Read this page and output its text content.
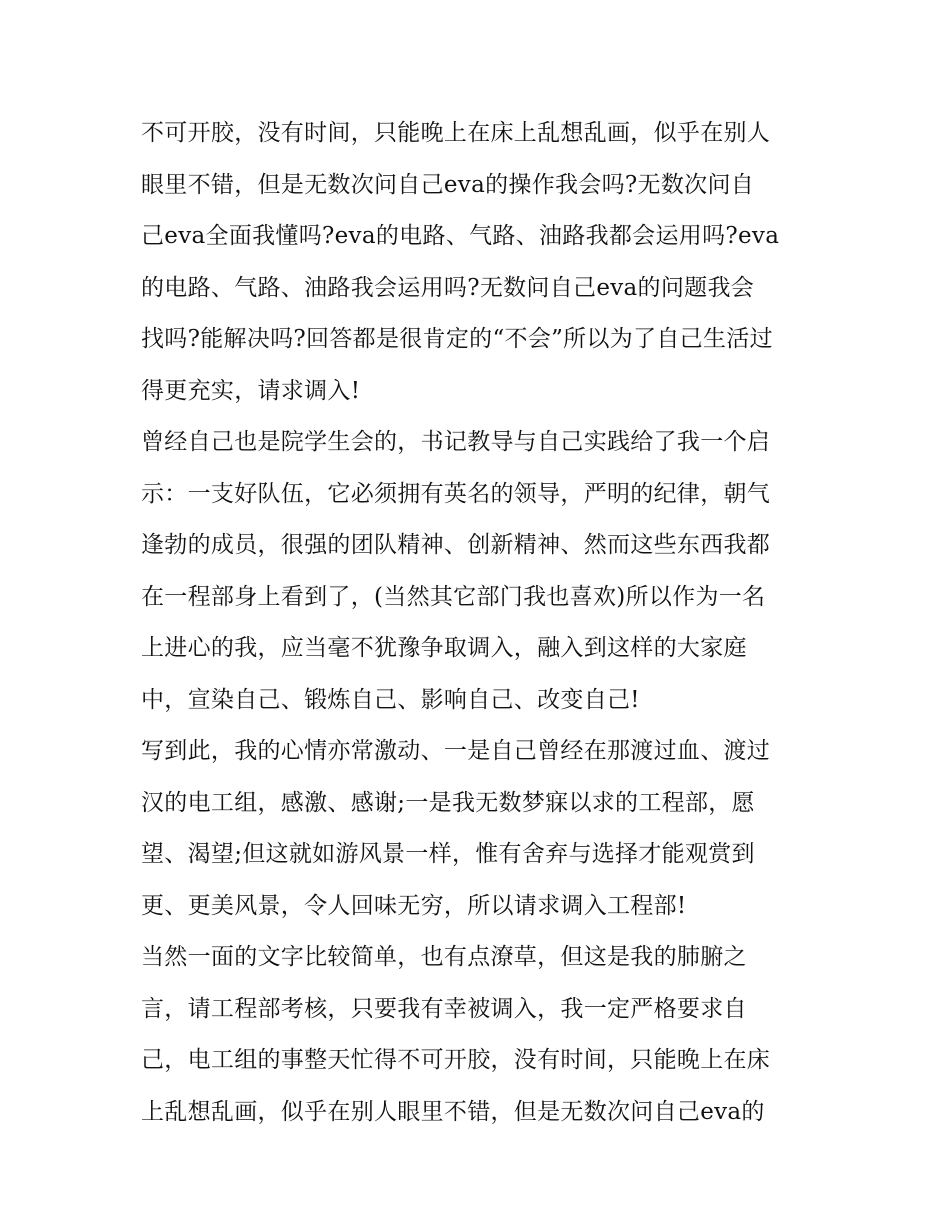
不可开胶，没有时间，只能晚上在床上乱想乱画，似乎在别人
眼里不错，但是无数次问自己eva的操作我会吗?无数次问自
己eva全面我懂吗?eva的电路、气路、油路我都会运用吗?eva
的电路、气路、油路我会运用吗?无数问自己eva的问题我会
找吗?能解决吗?回答都是很肯定的“不会”所以为了自己生活过
得更充实，请求调入!
曾经自己也是院学生会的，书记教导与自己实践给了我一个启
示：一支好队伍，它必须拥有英名的领导，严明的纪律，朝气
逢勃的成员，很强的团队精神、创新精神、然而这些东西我都
在一程部身上看到了，(当然其它部门我也喜欢)所以作为一名
上进心的我，应当毫不犹豫争取调入，融入到这样的大家庭
中，宣染自己、锻炼自己、影响自己、改变自己!
写到此，我的心情亦常激动、一是自己曾经在那渡过血、渡过
汉的电工组，感激、感谢;一是我无数梦寐以求的工程部，愿
望、渴望;但这就如游风景一样，惟有舍弃与选择才能观赏到
更、更美风景，令人回味无穷，所以请求调入工程部!
当然一面的文字比较简单，也有点潦草，但这是我的肺腑之
言，请工程部考核，只要我有幸被调入，我一定严格要求自
己，电工组的事整天忙得不可开胶，没有时间，只能晚上在床
上乱想乱画，似乎在别人眼里不错，但是无数次问自己eva的
